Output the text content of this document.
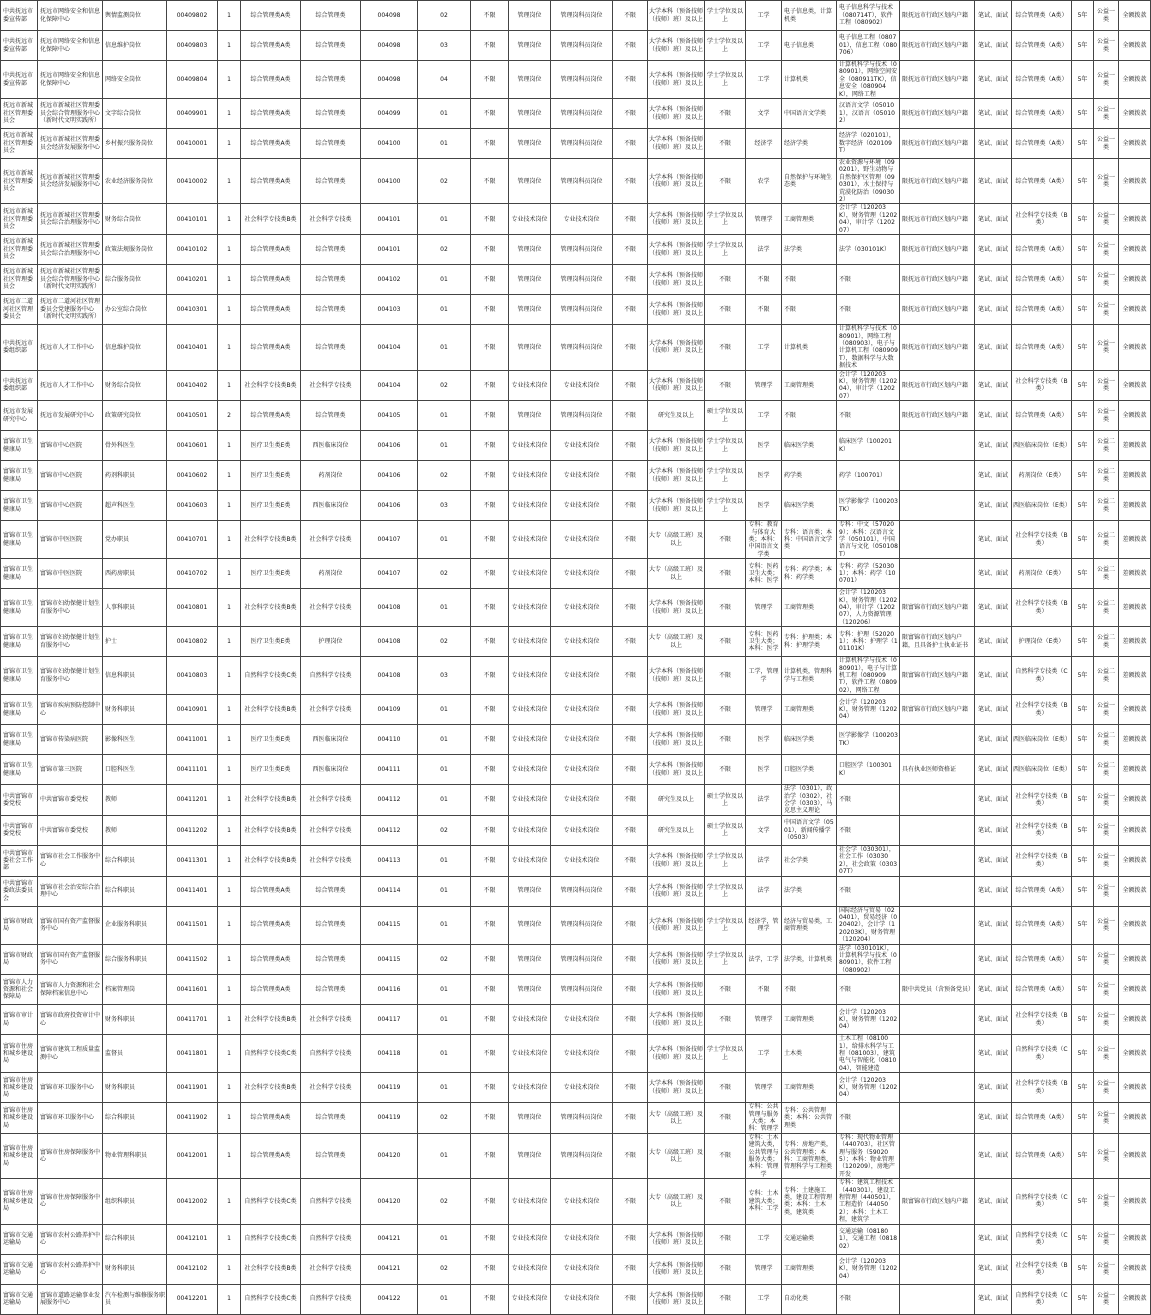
中共抚远市委宣传部	抚远市网络安全和信息化保障中心	舆情监测岗位	00409802	1	综合管理类A类	综合管理类	004098	02	不限	管理岗位	管理岗科员岗位	不限	大学本科（预备技师（技师）班）及以上	学士学位及以上	工学	电子信息类，计算机类	电子信息科学与技术（080714T），软件工程（080902）	限抚远市行政区划内户籍	笔试、面试	综合管理类（A类）	5年	公益一类	全额拨款
中共抚远市委宣传部	抚远市网络安全和信息化保障中心	信息维护岗位	00409803	1	综合管理类A类	综合管理类	004098	03	不限	管理岗位	管理岗科员岗位	不限	大学本科（预备技师（技师）班）及以上	学士学位及以上	工学	电子信息类	电子信息工程（080701），信息工程（080706）	限抚远市行政区划内户籍	笔试、面试	综合管理类（A类）	5年	公益一类	全额拨款
中共抚远市委宣传部	抚远市网络安全和信息化保障中心	网络安全岗位	00409804	1	综合管理类A类	综合管理类	004098	04	不限	管理岗位	管理岗科员岗位	不限	大学本科（预备技师（技师）班）及以上	学士学位及以上	工学	计算机类	计算机科学与技术（080901），网络空间安全（080911TK），信息安全（080904K），网络工程	限抚远市行政区划内户籍	笔试、面试	综合管理类（A类）	5年	公益一类	全额拨款
抚远市新城社区管理委员会	抚远市新城社区管理委员会综合管理服务中心（新时代文明实践所）	文字综合岗位	00409901	1	综合管理类A类	综合管理类	004099	01	不限	管理岗位	管理岗科员岗位	不限	大学本科（预备技师（技师）班）及以上	不限	文学	中国语言文学类	汉语言文学（050101），汉语言（050102）	限抚远市行政区划内户籍	笔试、面试	综合管理类（A类）	5年	公益一类	全额拨款
抚远市新城社区管理委员会	抚远市新城社区管理委员会经济发展服务中心	乡村振兴服务岗位	00410001	1	综合管理类A类	综合管理类	004100	01	不限	管理岗位	管理岗科员岗位	不限	大学本科（预备技师（技师）班）及以上	不限	经济学	经济学类	经济学（020101），数字经济（020109T）	限抚远市行政区划内户籍	笔试、面试	综合管理类（A类）	5年	公益一类	全额拨款
抚远市新城社区管理委员会	抚远市新城社区管理委员会经济发展服务中心	农业经济服务岗位	00410002	1	综合管理类A类	综合管理类	004100	02	不限	管理岗位	管理岗科员岗位	不限	大学本科（预备技师（技师）班）及以上	不限	农学	自然保护与环境生态类	农业资源与环境（090201），野生动物与自然保护区管理（090301），水土保持与荒漠化防治（090302）	限抚远市行政区划内户籍	笔试、面试	综合管理类（A类）	5年	公益一类	全额拨款
抚远市新城社区管理委员会	抚远市新城社区管理委员会综合治理服务中心	财务综合岗位	00410101	1	社会科学专技类B类	社会科学专技类	004101	01	不限	专业技术岗位	专业技术岗位	不限	大学本科（预备技师（技师）班）及以上	学士学位及以上	管理学	工商管理类	会计学（120203K），财务管理（120204），审计学（120207）	限抚远市行政区划内户籍	笔试、面试	社会科学专技类（B类）	5年	公益一类	全额拨款
抚远市新城社区管理委员会	抚远市新城社区管理委员会综合治理服务中心	政策法规服务岗位	00410102	1	综合管理类A类	综合管理类	004101	02	不限	管理岗位	管理岗科员岗位	不限	大学本科（预备技师（技师）班）及以上	学士学位及以上	法学	法学类	法学（030101K）	限抚远市行政区划内户籍	笔试、面试	综合管理类（A类）	5年	公益一类	全额拨款
抚远市新城社区管理委员会	抚远市新城社区管理委员会综合管理服务中心（新时代文明实践所）	综合服务岗位	00410201	1	综合管理类A类	综合管理类	004102	01	不限	管理岗位	管理岗科员岗位	不限	大学本科（预备技师（技师）班）及以上	不限	不限	不限	不限	限抚远市行政区划内户籍	笔试、面试	综合管理类（A类）	5年	公益一类	全额拨款
抚远市二道河社区管理委员会	抚远市二道河社区管理委员会党建服务中心（新时代文明实践所）	办公室综合岗位	00410301	1	综合管理类A类	综合管理类	004103	01	不限	管理岗位	管理岗科员岗位	不限	大学本科（预备技师（技师）班）及以上	不限	不限	不限	不限	限抚远市行政区划内户籍	笔试、面试	综合管理类（A类）	5年	公益一类	全额拨款
中共抚远市委组织部	抚远市人才工作中心	信息维护岗位	00410401	1	综合管理类A类	综合管理类	004104	01	不限	管理岗位	管理岗科员岗位	不限	大学本科（预备技师（技师）班）及以上	不限	工学	计算机类	计算机科学与技术（080901），网络工程（080903），电子与计算机工程（080909T），数据科学与大数据技术	限抚远市行政区划内户籍	笔试、面试	综合管理类（A类）	5年	公益一类	全额拨款
中共抚远市委组织部	抚远市人才工作中心	财务综合岗位	00410402	1	社会科学专技类B类	社会科学专技类	004104	02	不限	专业技术岗位	专业技术岗位	不限	大学本科（预备技师（技师）班）及以上	不限	管理学	工商管理类	会计学（120203K），财务管理（120204），审计学（120207）	限抚远市行政区划内户籍	笔试、面试	社会科学专技类（B类）	5年	公益一类	全额拨款
抚远市发展研究中心	抚远市发展研究中心	政策研究岗位	00410501	2	综合管理类A类	综合管理类	004105	01	不限	管理岗位	管理岗科员岗位	不限	研究生及以上	硕士学位及以上	工学	不限	不限	限抚远市行政区划内户籍	笔试、面试	综合管理类（A类）	5年	公益一类	全额拨款
富锦市卫生健康局	富锦市中心医院	骨外科医生	00410601	1	医疗卫生类E类	西医临床岗位	004106	01	不限	专业技术岗位	专业技术岗位	不限	大学本科（预备技师（技师）班）及以上	学士学位及以上	医学	临床医学类	临床医学（100201K）		笔试、面试	西医临床岗位（E类）	5年	公益二类	差额拨款
富锦市卫生健康局	富锦市中心医院	药剂科职员	00410602	1	医疗卫生类E类	药剂岗位	004106	02	不限	专业技术岗位	专业技术岗位	不限	大学本科（预备技师（技师）班）及以上	学士学位及以上	医学	药学类	药学（100701）		笔试、面试	药剂岗位（E类）	5年	公益二类	差额拨款
富锦市卫生健康局	富锦市中心医院	超声科医生	00410603	1	医疗卫生类E类	西医临床岗位	004106	03	不限	专业技术岗位	专业技术岗位	不限	大学本科（预备技师（技师）班）及以上	学士学位及以上	医学	临床医学类	医学影像学（100203TK）		笔试、面试	西医临床岗位（E类）	5年	公益二类	差额拨款
富锦市卫生健康局	富锦市中医医院	党办职员	00410701	1	社会科学专技类B类	社会科学专技类	004107	01	不限	专业技术岗位	专业技术岗位	不限	大专（高级工班）及以上	不限	专科：教育与体育大类；本科：中国语言文学类	专科：语言类；本科：中国语言文学类	专科：中文（570209）；本科：汉语言文学（050101），中国语言与文化（050108T）		笔试、面试	社会科学专技类（B类）	5年	公益二类	差额拨款
富锦市卫生健康局	富锦市中医医院	西药房职员	00410702	1	医疗卫生类E类	药剂岗位	004107	02	不限	专业技术岗位	专业技术岗位	不限	大专（高级工班）及以上	不限	专科：医药卫生大类；本科：医学	专科：药学类；本科：药学类	专科：药学（520301）；本科：药学（100701）		笔试、面试	药剂岗位（E类）	5年	公益二类	差额拨款
富锦市卫生健康局	富锦市妇幼保健计划生育服务中心	人事科职员	00410801	1	社会科学专技类B类	社会科学专技类	004108	01	不限	专业技术岗位	专业技术岗位	不限	大学本科（预备技师（技师）班）及以上	不限	管理学	工商管理类	会计学（120203K），财务管理（120204），审计学（120207），人力资源管理（120206）	限富锦市行政区划内户籍	笔试、面试	社会科学专技类（B类）	5年	公益二类	差额拨款
富锦市卫生健康局	富锦市妇幼保健计划生育服务中心	护士	00410802	1	医疗卫生类E类	护理岗位	004108	02	不限	专业技术岗位	专业技术岗位	不限	大专（高级工班）及以上	不限	专科：医药卫生大类；本科：医学	专科：护理类；本科：护理学类	专科：护理（520201）；本科：护理学（101101K）	限富锦市行政区划内户籍，且具备护士执业证书	笔试、面试	护理岗位（E类）	5年	公益二类	差额拨款
富锦市卫生健康局	富锦市妇幼保健计划生育服务中心	信息科职员	00410803	1	自然科学专技类C类	自然科学专技类	004108	03	不限	专业技术岗位	专业技术岗位	不限	大学本科（预备技师（技师）班）及以上	不限	工学，管理学	计算机类，管理科学与工程类	计算机科学与技术（080901），电子与计算机工程（080909T），软件工程（080902），网络工程	限富锦市行政区划内户籍	笔试、面试	自然科学专技类（C类）	5年	公益二类	差额拨款
富锦市卫生健康局	富锦市疾病预防控制中心	财务科职员	00410901	1	社会科学专技类B类	社会科学专技类	004109	01	不限	专业技术岗位	专业技术岗位	不限	大学本科（预备技师（技师）班）及以上	不限	管理学	工商管理类	会计学（120203K），财务管理（120204）	限富锦市行政区划内户籍	笔试、面试	社会科学专技类（B类）	5年	公益一类	全额拨款
富锦市卫生健康局	富锦市传染病医院	影像科医生	00411001	1	医疗卫生类E类	西医临床岗位	004110	01	不限	专业技术岗位	专业技术岗位	不限	大学本科（预备技师（技师）班）及以上	不限	医学	临床医学类	医学影像学（100203TK）		笔试、面试	西医临床岗位（E类）	5年	公益二类	差额拨款
富锦市卫生健康局	富锦市第三医院	口腔科医生	00411101	1	医疗卫生类E类	西医临床岗位	004111	01	不限	专业技术岗位	专业技术岗位	不限	大学本科（预备技师（技师）班）及以上	不限	医学	口腔医学类	口腔医学（100301K）	具有执业医师资格证	笔试、面试	西医临床岗位（E类）	5年	公益二类	差额拨款
中共富锦市委党校	中共富锦市委党校	教师	00411201	1	社会科学专技类B类	社会科学专技类	004112	01	不限	专业技术岗位	专业技术岗位	不限	研究生及以上	硕士学位及以上	法学	法学（0301），政治学（0302），社会学（0303），马克思主义理论	不限		笔试、面试	社会科学专技类（B类）	5年	公益一类	全额拨款
中共富锦市委党校	中共富锦市委党校	教师	00411202	1	社会科学专技类B类	社会科学专技类	004112	02	不限	专业技术岗位	专业技术岗位	不限	研究生及以上	硕士学位及以上	文学	中国语言文学（0501），新闻传播学（0503）	不限		笔试、面试	社会科学专技类（B类）	5年	公益一类	全额拨款
中共富锦市委社会工作部	富锦市社会工作服务中心	综合科职员	00411301	1	社会科学专技类B类	社会科学专技类	004113	01	不限	专业技术岗位	专业技术岗位	不限	大学本科（预备技师（技师）班）及以上	学士学位及以上	法学	社会学类	社会学（030301），社会工作（030302），社会政策（030307T）		笔试、面试	社会科学专技类（B类）	5年	公益一类	全额拨款
中共富锦市委政法委员会	富锦市社会治安综合治理中心	综合科职员	00411401	1	综合管理类A类	综合管理类	004114	01	不限	管理岗位	管理岗科员岗位	不限	大学本科（预备技师（技师）班）及以上	学士学位及以上	法学	法学类	不限		笔试、面试	综合管理类（A类）	5年	公益一类	全额拨款
富锦市财政局	富锦市国有资产监督服务中心	企业服务科职员	00411501	1	综合管理类A类	综合管理类	004115	01	不限	管理岗位	管理岗科员岗位	不限	大学本科（预备技师（技师）班）及以上	学士学位及以上	经济学，管理学	经济与贸易类，工商管理类	国际经济与贸易（020401），贸易经济（020402），会计学（120203K），财务管理（120204）		笔试、面试	综合管理类（A类）	5年	公益一类	全额拨款
富锦市财政局	富锦市国有资产监督服务中心	综合服务科职员	00411502	1	综合管理类A类	综合管理类	004115	02	不限	管理岗位	管理岗科员岗位	不限	大学本科（预备技师（技师）班）及以上	学士学位及以上	法学，工学	法学类，计算机类	法学（030101K），计算机科学与技术（080901），软件工程（080902）		笔试、面试	综合管理类（A类）	5年	公益一类	全额拨款
富锦市人力资源和社会保障局	富锦市人力资源和社会保障档案信息中心	档案管理岗	00411601	1	综合管理类A类	综合管理类	004116	01	不限	管理岗位	管理岗科员岗位	不限	大学本科（预备技师（技师）班）及以上	不限	不限	不限	不限	限中共党员（含预备党员）	笔试、面试	综合管理类（A类）	5年	公益一类	全额拨款
富锦市审计局	富锦市政府投资审计中心	财务科职员	00411701	1	社会科学专技类B类	社会科学专技类	004117	01	不限	专业技术岗位	专业技术岗位	不限	大学本科（预备技师（技师）班）及以上	不限	管理学	工商管理类	会计学（120203K），财务管理（120204）		笔试、面试	社会科学专技类（B类）	5年	公益一类	全额拨款
富锦市住房和城乡建设局	富锦市建筑工程质量监测中心	监督员	00411801	1	自然科学专技类C类	自然科学专技类	004118	01	不限	专业技术岗位	专业技术岗位	不限	大学本科（预备技师（技师）班）及以上	学士学位及以上	工学	土木类	土木工程（081001），给排水科学与工程（081003），建筑电气与智能化（081004），智能建造		笔试、面试	自然科学专技类（C类）	5年	公益一类	全额拨款
富锦市住房和城乡建设局	富锦市环卫服务中心	财务科职员	00411901	1	社会科学专技类B类	社会科学专技类	004119	01	不限	专业技术岗位	专业技术岗位	不限	大学本科（预备技师（技师）班）及以上	不限	管理学	工商管理类	会计学（120203K），财务管理（120204）		笔试、面试	社会科学专技类（B类）	5年	公益一类	全额拨款
富锦市住房和城乡建设局	富锦市环卫服务中心	综合科职员	00411902	1	综合管理类A类	综合管理类	004119	02	不限	管理岗位	管理岗科员岗位	不限	大专（高级工班）及以上	不限	专科：公共管理与服务大类；本科：管理学	专科：公共管理类；本科：公共管理类	不限		笔试、面试	综合管理类（A类）	5年	公益一类	全额拨款
富锦市住房和城乡建设局	富锦市住房保障服务中心	物业管理科职员	00412001	1	综合管理类A类	综合管理类	004120	01	不限	管理岗位	管理岗科员岗位	不限	大专（高级工班）及以上	不限	专科：土木建筑大类，公共管理与服务大类；本科：管理学	专科：房地产类，公共管理类；本科：工商管理类，管理科学与工程类	专科：现代物业管理（440703），社区管理与服务（590205）；本科：物业管理（120209），房地产开发		笔试、面试	综合管理类（A类）	5年	公益一类	全额拨款
富锦市住房和城乡建设局	富锦市住房保障服务中心	组织科职员	00412002	1	自然科学专技类C类	自然科学专技类	004120	02	不限	专业技术岗位	专业技术岗位	不限	大专（高级工班）及以上	不限	专科：土木建筑大类；本科：工学	专科：土建施工类，建设工程管理类；本科：土木类，建筑类	专科：建筑工程技术（440301），建设工程管理（440501），工程造价（440502）；本科：土木工程，建筑学	限富锦市行政区划内户籍	笔试、面试	自然科学专技类（C类）	5年	公益一类	全额拨款
富锦市交通运输局	富锦市农村公路养护中心	综合科职员	00412101	1	自然科学专技类C类	自然科学专技类	004121	01	不限	专业技术岗位	专业技术岗位	不限	大学本科（预备技师（技师）班）及以上	不限	工学	交通运输类	交通运输（081801），交通工程（081802）		笔试、面试	自然科学专技类（C类）	5年	公益一类	全额拨款
富锦市交通运输局	富锦市农村公路养护中心	财务科职员	00412102	1	社会科学专技类B类	社会科学专技类	004121	02	不限	专业技术岗位	专业技术岗位	不限	大学本科（预备技师（技师）班）及以上	不限	管理学	工商管理类	会计学（120203K），财务管理（120204）		笔试、面试	社会科学专技类（B类）	5年	公益一类	全额拨款
富锦市交通运输局	富锦市道路运输事业发展服务中心	汽车检测与维修服务职员	00412201	1	自然科学专技类C类	自然科学专技类	004122	01	不限	专业技术岗位	专业技术岗位	不限	大学本科（预备技师（技师）班）及以上	不限	工学	自动化类	不限		笔试、面试	自然科学专技类（C类）	5年	公益一类	全额拨款
